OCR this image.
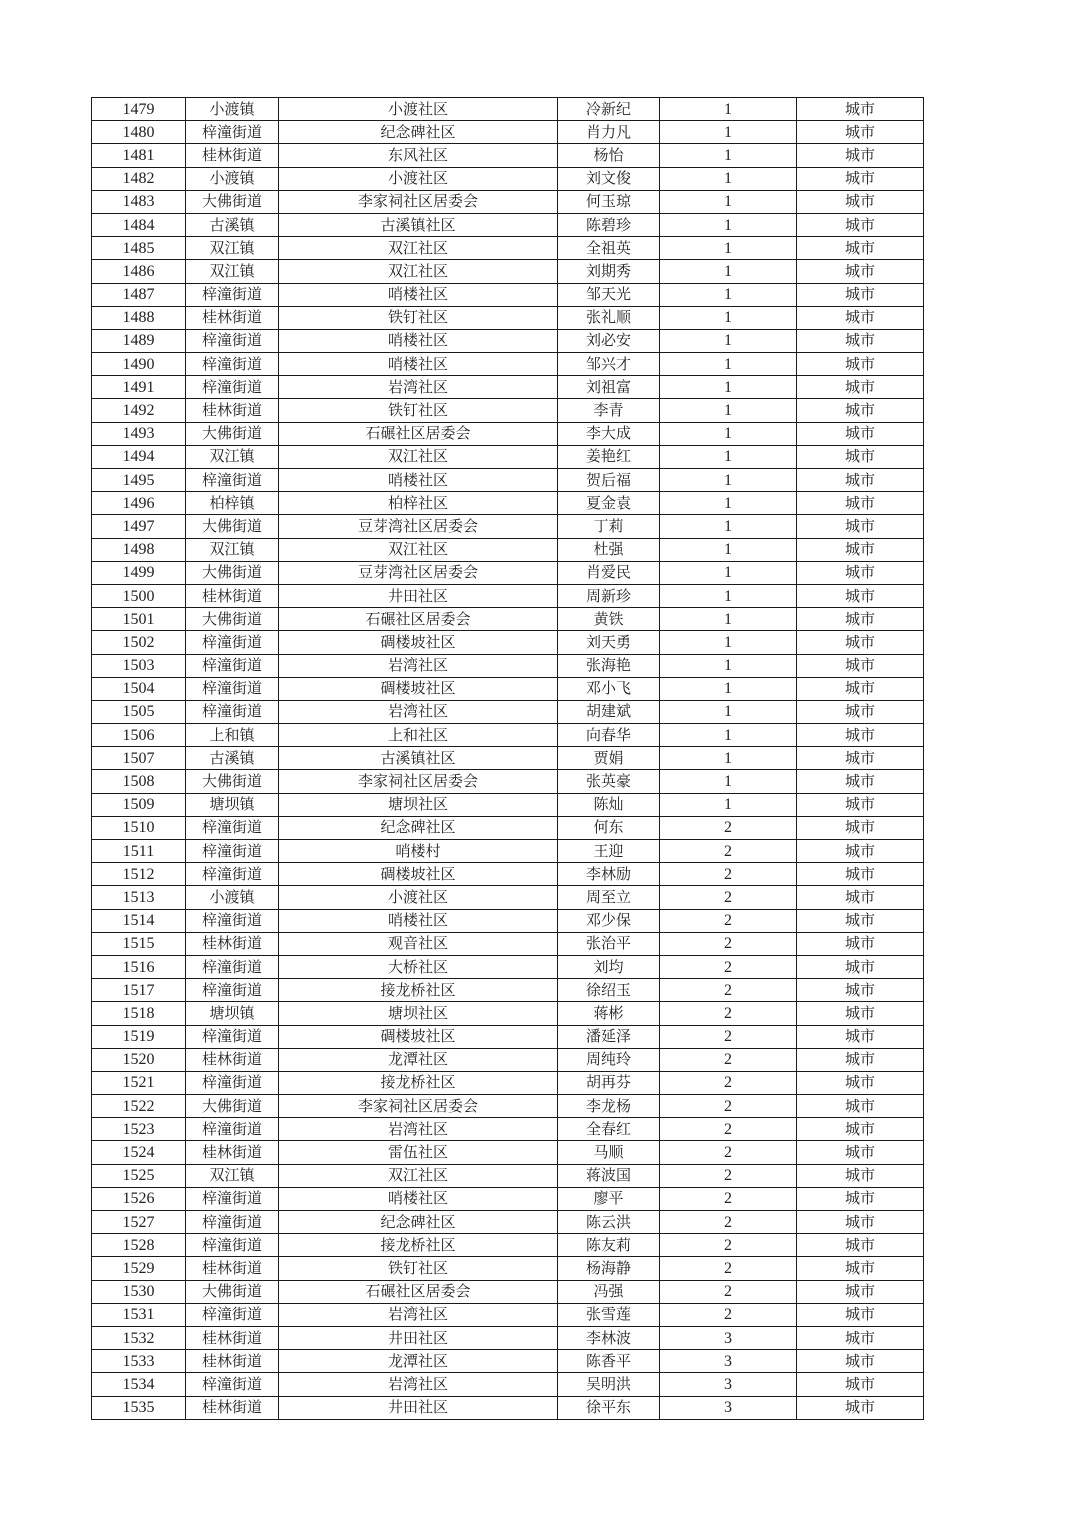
1479	小渡镇	小渡社区	冷新纪	1	城市
1480	梓潼街道	纪念碑社区	肖力凡	1	城市
1481	桂林街道	东风社区	杨怡	1	城市
1482	小渡镇	小渡社区	刘文俊	1	城市
1483	大佛街道	李家祠社区居委会	何玉琼	1	城市
1484	古溪镇	古溪镇社区	陈碧珍	1	城市
1485	双江镇	双江社区	全祖英	1	城市
1486	双江镇	双江社区	刘期秀	1	城市
1487	梓潼街道	哨楼社区	邹天光	1	城市
1488	桂林街道	铁钉社区	张礼顺	1	城市
1489	梓潼街道	哨楼社区	刘必安	1	城市
1490	梓潼街道	哨楼社区	邹兴才	1	城市
1491	梓潼街道	岩湾社区	刘祖富	1	城市
1492	桂林街道	铁钉社区	李青	1	城市
1493	大佛街道	石碾社区居委会	李大成	1	城市
1494	双江镇	双江社区	姜艳红	1	城市
1495	梓潼街道	哨楼社区	贺后福	1	城市
1496	柏梓镇	柏梓社区	夏金袁	1	城市
1497	大佛街道	豆芽湾社区居委会	丁莉	1	城市
1498	双江镇	双江社区	杜强	1	城市
1499	大佛街道	豆芽湾社区居委会	肖爱民	1	城市
1500	桂林街道	井田社区	周新珍	1	城市
1501	大佛街道	石碾社区居委会	黄铁	1	城市
1502	梓潼街道	碉楼坡社区	刘天勇	1	城市
1503	梓潼街道	岩湾社区	张海艳	1	城市
1504	梓潼街道	碉楼坡社区	邓小飞	1	城市
1505	梓潼街道	岩湾社区	胡建斌	1	城市
1506	上和镇	上和社区	向春华	1	城市
1507	古溪镇	古溪镇社区	贾娟	1	城市
1508	大佛街道	李家祠社区居委会	张英豪	1	城市
1509	塘坝镇	塘坝社区	陈灿	1	城市
1510	梓潼街道	纪念碑社区	何东	2	城市
1511	梓潼街道	哨楼村	王迎	2	城市
1512	梓潼街道	碉楼坡社区	李林励	2	城市
1513	小渡镇	小渡社区	周至立	2	城市
1514	梓潼街道	哨楼社区	邓少保	2	城市
1515	桂林街道	观音社区	张治平	2	城市
1516	梓潼街道	大桥社区	刘均	2	城市
1517	梓潼街道	接龙桥社区	徐绍玉	2	城市
1518	塘坝镇	塘坝社区	蒋彬	2	城市
1519	梓潼街道	碉楼坡社区	潘延泽	2	城市
1520	桂林街道	龙潭社区	周纯玲	2	城市
1521	梓潼街道	接龙桥社区	胡再芬	2	城市
1522	大佛街道	李家祠社区居委会	李龙杨	2	城市
1523	梓潼街道	岩湾社区	全春红	2	城市
1524	桂林街道	雷伍社区	马顺	2	城市
1525	双江镇	双江社区	蒋波国	2	城市
1526	梓潼街道	哨楼社区	廖平	2	城市
1527	梓潼街道	纪念碑社区	陈云洪	2	城市
1528	梓潼街道	接龙桥社区	陈友莉	2	城市
1529	桂林街道	铁钉社区	杨海静	2	城市
1530	大佛街道	石碾社区居委会	冯强	2	城市
1531	梓潼街道	岩湾社区	张雪莲	2	城市
1532	桂林街道	井田社区	李林波	3	城市
1533	桂林街道	龙潭社区	陈香平	3	城市
1534	梓潼街道	岩湾社区	吴明洪	3	城市
1535	桂林街道	井田社区	徐平东	3	城市
